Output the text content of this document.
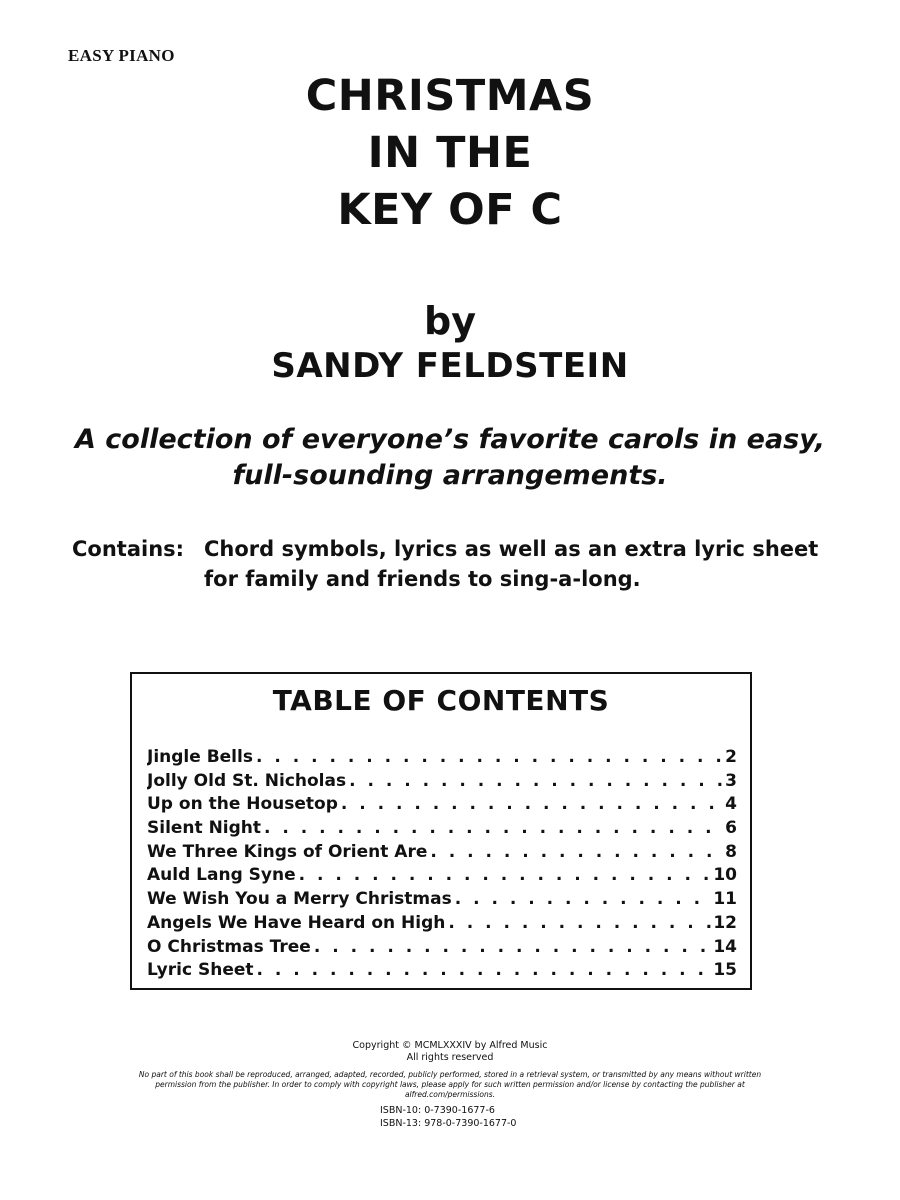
EASY PIANO
CHRISTMAS
IN THE
KEY OF C
by
SANDY FELDSTEIN
A collection of everyone’s favorite carols in easy,
full-sounding arrangements.
Contains: Chord symbols, lyrics as well as an extra lyric sheet for family and friends to sing-a-long.
TABLE OF CONTENTS
Jingle Bells . . .	2
Jolly Old St. Nicholas . . .	3
Up on the Housetop . . .	4
Silent Night . . .	6
We Three Kings of Orient Are . . .	8
Auld Lang Syne . . .	10
We Wish You a Merry Christmas . . .	11
Angels We Have Heard on High . . .	12
O Christmas Tree . . .	14
Lyric Sheet . . .	15
Copyright © MCMLXXXIV by Alfred Music
All rights reserved
No part of this book shall be reproduced, arranged, adapted, recorded, publicly performed, stored in a retrieval system, or transmitted by any means without written permission from the publisher. In order to comply with copyright laws, please apply for such written permission and/or license by contacting the publisher at alfred.com/permissions.
ISBN-10: 0-7390-1677-6
ISBN-13: 978-0-7390-1677-0
